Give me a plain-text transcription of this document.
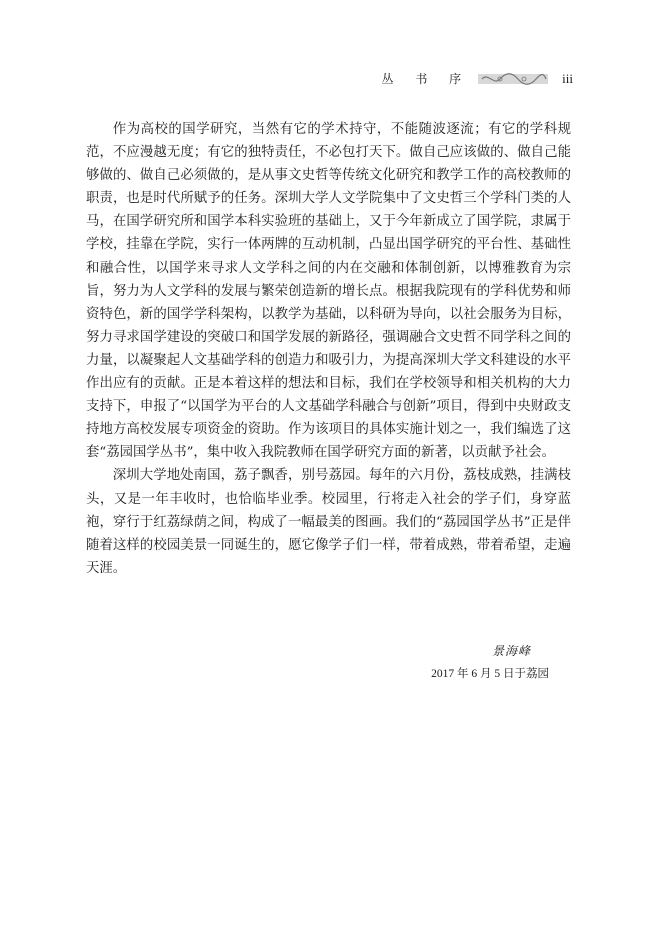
丛 书 序	iii

作为高校的国学研究，当然有它的学术持守，不能随波逐流；有它的学科规范，不应漫越无度；有它的独特责任，不必包打天下。做自己应该做的、做自己能够做的、做自己必须做的，是从事文史哲等传统文化研究和教学工作的高校教师的职责，也是时代所赋予的任务。深圳大学人文学院集中了文史哲三个学科门类的人马，在国学研究所和国学本科实验班的基础上，又于今年新成立了国学院，隶属于学校，挂靠在学院，实行一体两牌的互动机制，凸显出国学研究的平台性、基础性和融合性，以国学来寻求人文学科之间的内在交融和体制创新，以博雅教育为宗旨，努力为人文学科的发展与繁荣创造新的增长点。根据我院现有的学科优势和师资特色，新的国学学科架构，以教学为基础，以科研为导向，以社会服务为目标，努力寻求国学建设的突破口和国学发展的新路径，强调融合文史哲不同学科之间的力量，以凝聚起人文基础学科的创造力和吸引力，为提高深圳大学文科建设的水平作出应有的贡献。正是本着这样的想法和目标，我们在学校领导和相关机构的大力支持下，申报了“以国学为平台的人文基础学科融合与创新”项目，得到中央财政支持地方高校发展专项资金的资助。作为该项目的具体实施计划之一，我们编选了这套“荔园国学丛书”，集中收入我院教师在国学研究方面的新著，以贡献予社会。

深圳大学地处南国，荔子飘香，别号荔园。每年的六月份，荔枝成熟，挂满枝头，又是一年丰收时，也恰临毕业季。校园里，行将走入社会的学子们，身穿蓝袍，穿行于红荔绿荫之间，构成了一幅最美的图画。我们的“荔园国学丛书”正是伴随着这样的校园美景一同诞生的，愿它像学子们一样，带着成熟，带着希望，走遍天涯。

景海峰
2017 年 6 月 5 日于荔园
